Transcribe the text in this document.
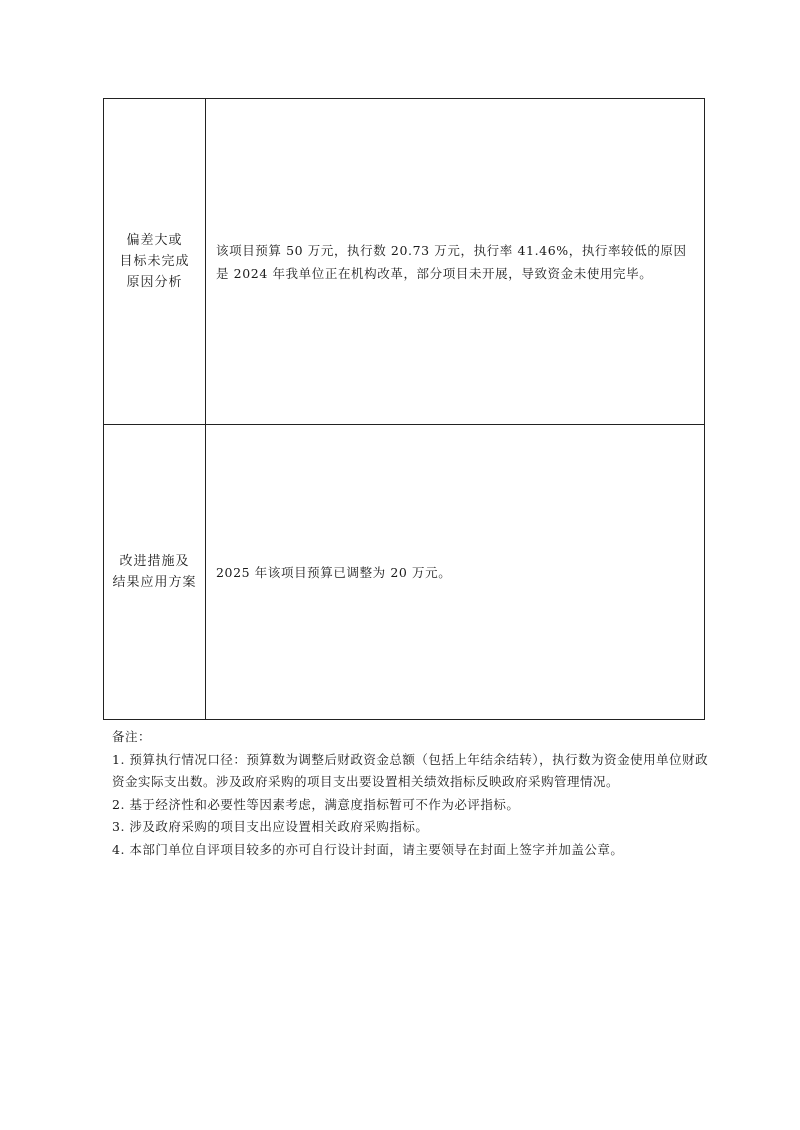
偏差大或
目标未完成
原因分析
该项目预算 50 万元，执行数 20.73 万元，执行率 41.46%，执行率较低的原因是 2024 年我单位正在机构改革，部分项目未开展，导致资金未使用完毕。
改进措施及
结果应用方案
2025 年该项目预算已调整为 20 万元。

备注：

1. 预算执行情况口径：预算数为调整后财政资金总额（包括上年结余结转），执行数为资金使用单位财政资金实际支出数。涉及政府采购的项目支出要设置相关绩效指标反映政府采购管理情况。

2. 基于经济性和必要性等因素考虑，满意度指标暂可不作为必评指标。

3. 涉及政府采购的项目支出应设置相关政府采购指标。

4. 本部门单位自评项目较多的亦可自行设计封面，请主要领导在封面上签字并加盖公章。
